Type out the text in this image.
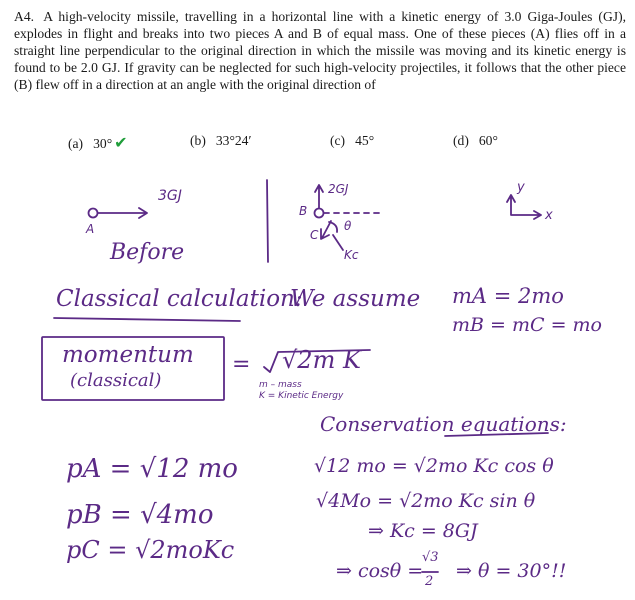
A4. A high-velocity missile, travelling in a horizontal line with a kinetic energy of 3.0 Giga-Joules (GJ), explodes in flight and breaks into two pieces A and B of equal mass. One of these pieces (A) flies off in a straight line perpendicular to the original direction in which the missile was moving and its kinetic energy is found to be 2.0 GJ. If gravity can be neglected for such high-velocity projectiles, it follows that the other piece (B) flew off in a direction at an angle with the original direction of
(a) 30° ✔	(b) 33°24′	(c) 45°	(d) 60°
3GJ
A
Before
2GJ
B
C
θ
Kc
y
x
Classical calculation:
We assume mA = 2mo
mB = mC = mo
momentum
(classical)
= √2m K
m – mass
K = Kinetic Energy
Conservation equations:
pA = √12 mo
pB = √4mo
pC = √2moKc
√12 mo = √2mo Kc cos θ
√4Mo = √2mo Kc sin θ
⇒ Kc = 8GJ
⇒ cosθ =
√3
2 ⇒ θ = 30°!!
